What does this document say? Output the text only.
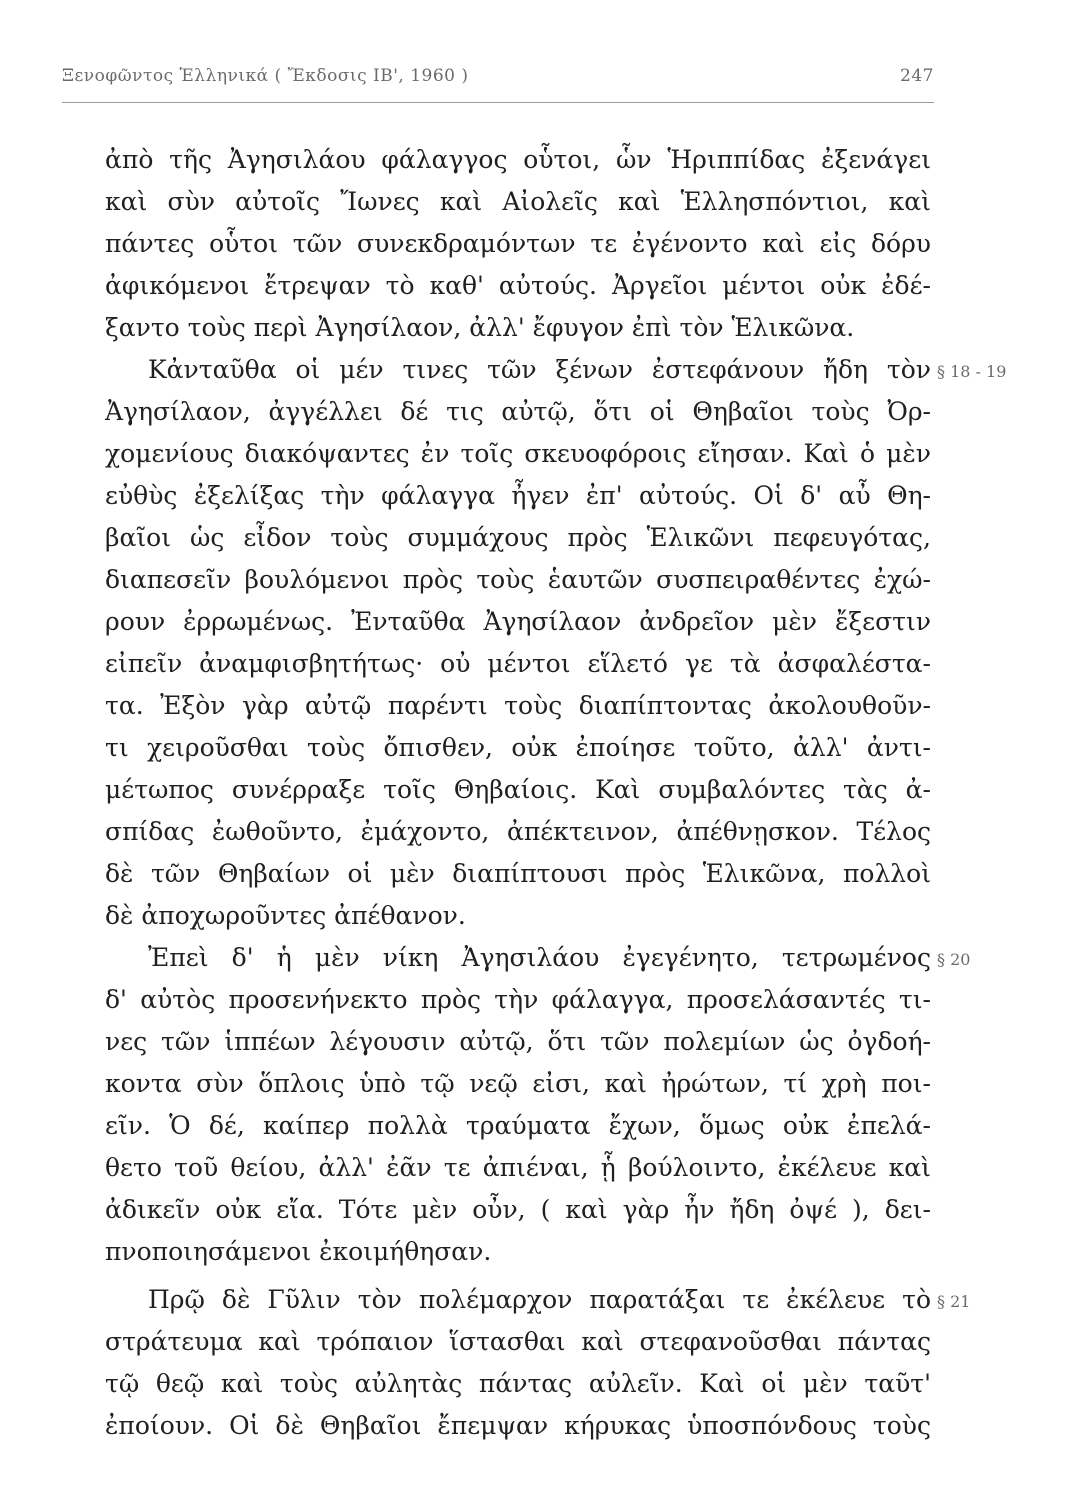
Ξενοφῶντος Ἑλληνικά ( Ἔκδοσις ΙΒ', 1960 )	247
ἀπὸ τῆς Ἀγησιλάου φάλαγγος οὗτοι, ὧν Ἡριππίδας ἐξενάγει
καὶ σὺν αὐτοῖς Ἴωνες καὶ Αἰολεῖς καὶ Ἑλλησπόντιοι, καὶ
πάντες οὗτοι τῶν συνεκδραμόντων τε ἐγένοντο καὶ εἰς δόρυ
ἀφικόμενοι ἔτρεψαν τὸ καθ' αὐτούς. Ἀργεῖοι μέντοι οὐκ ἐδέ-
ξαντο τοὺς περὶ Ἀγησίλαον, ἀλλ' ἔφυγον ἐπὶ τὸν Ἑλικῶνα.
Κἀνταῦθα οἱ μέν τινες τῶν ξένων ἐστεφάνουν ἤδη τὸν
Ἀγησίλαον, ἀγγέλλει δέ τις αὐτῷ, ὅτι οἱ Θηβαῖοι τοὺς Ὀρ-
χομενίους διακόψαντες ἐν τοῖς σκευοφόροις εἴησαν. Καὶ ὁ μὲν
εὐθὺς ἐξελίξας τὴν φάλαγγα ἦγεν ἐπ' αὐτούς. Οἱ δ' αὖ Θη-
βαῖοι ὡς εἶδον τοὺς συμμάχους πρὸς Ἑλικῶνι πεφευγότας,
διαπεσεῖν βουλόμενοι πρὸς τοὺς ἑαυτῶν συσπειραθέντες ἐχώ-
ρουν ἐρρωμένως. Ἐνταῦθα Ἀγησίλαον ἀνδρεῖον μὲν ἔξεστιν
εἰπεῖν ἀναμφισβητήτως· οὐ μέντοι εἵλετό γε τὰ ἀσφαλέστα-
τα. Ἐξὸν γὰρ αὐτῷ παρέντι τοὺς διαπίπτοντας ἀκολουθοῦν-
τι χειροῦσθαι τοὺς ὄπισθεν, οὐκ ἐποίησε τοῦτο, ἀλλ' ἀντι-
μέτωπος συνέρραξε τοῖς Θηβαίοις. Καὶ συμβαλόντες τὰς ἀ-
σπίδας ἐωθοῦντο, ἐμάχοντο, ἀπέκτεινον, ἀπέθνῃσκον. Τέλος
δὲ τῶν Θηβαίων οἱ μὲν διαπίπτουσι πρὸς Ἑλικῶνα, πολλοὶ
δὲ ἀποχωροῦντες ἀπέθανον.
Ἐπεὶ δ' ἡ μὲν νίκη Ἀγησιλάου ἐγεγένητο, τετρωμένος
δ' αὐτὸς προσενήνεκτο πρὸς τὴν φάλαγγα, προσελάσαντές τι-
νες τῶν ἱππέων λέγουσιν αὐτῷ, ὅτι τῶν πολεμίων ὡς ὀγδοή-
κοντα σὺν ὅπλοις ὑπὸ τῷ νεῷ εἰσι, καὶ ἠρώτων, τί χρὴ ποι-
εῖν. Ὁ δέ, καίπερ πολλὰ τραύματα ἔχων, ὅμως οὐκ ἐπελά-
θετο τοῦ θείου, ἀλλ' ἐᾶν τε ἀπιέναι, ᾗ βούλοιντο, ἐκέλευε καὶ
ἀδικεῖν οὐκ εἴα. Τότε μὲν οὖν, ( καὶ γὰρ ἦν ἤδη ὀψέ ), δει-
πνοποιησάμενοι ἐκοιμήθησαν.
Πρῷ δὲ Γῦλιν τὸν πολέμαρχον παρατάξαι τε ἐκέλευε τὸ
στράτευμα καὶ τρόπαιον ἵστασθαι καὶ στεφανοῦσθαι πάντας
τῷ θεῷ καὶ τοὺς αὐλητὰς πάντας αὐλεῖν. Καὶ οἱ μὲν ταῦτ'
ἐποίουν. Οἱ δὲ Θηβαῖοι ἔπεμψαν κήρυκας ὑποσπόνδους τοὺς
§ 18 - 19
§ 20
§ 21
